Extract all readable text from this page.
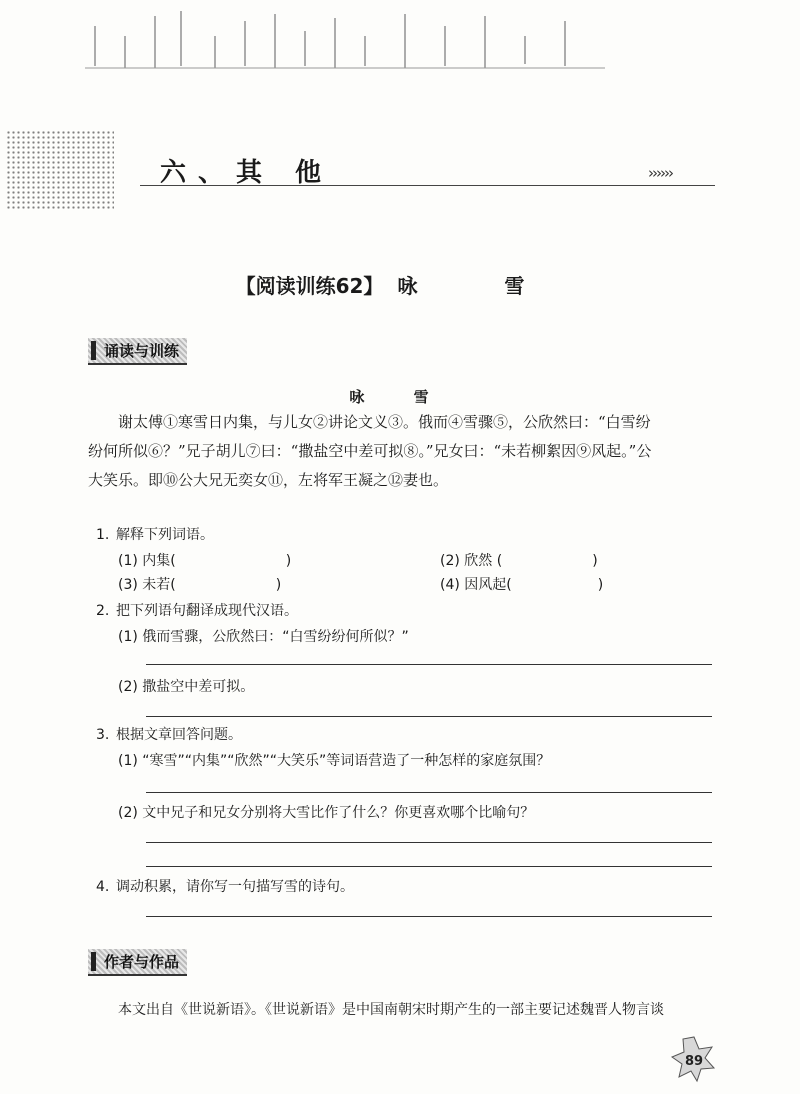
六、其 他	››››››
【阅读训练62】 咏 雪
诵读与训练
咏 雪
谢太傅①寒雪日内集，与儿女②讲论文义③。俄而④雪骤⑤，公欣然曰：“白雪纷
纷何所似⑥？”兄子胡儿⑦曰：“撒盐空中差可拟⑧。”兄女曰：“未若柳絮因⑨风起。”公
大笑乐。即⑩公大兄无奕女⑪，左将军王凝之⑫妻也。
1. 解释下列词语。
(1) 内集(	)	(2) 欣然 (	)
(3) 未若(	)	(4) 因风起(	)
2. 把下列语句翻译成现代汉语。
(1) 俄而雪骤，公欣然曰：“白雪纷纷何所似？”
(2) 撒盐空中差可拟。
3. 根据文章回答问题。
(1) “寒雪”“内集”“欣然”“大笑乐”等词语营造了一种怎样的家庭氛围？
(2) 文中兄子和兄女分别将大雪比作了什么？你更喜欢哪个比喻句？
4. 调动积累，请你写一句描写雪的诗句。
作者与作品
本文出自《世说新语》。《世说新语》是中国南朝宋时期产生的一部主要记述魏晋人物言谈
89
